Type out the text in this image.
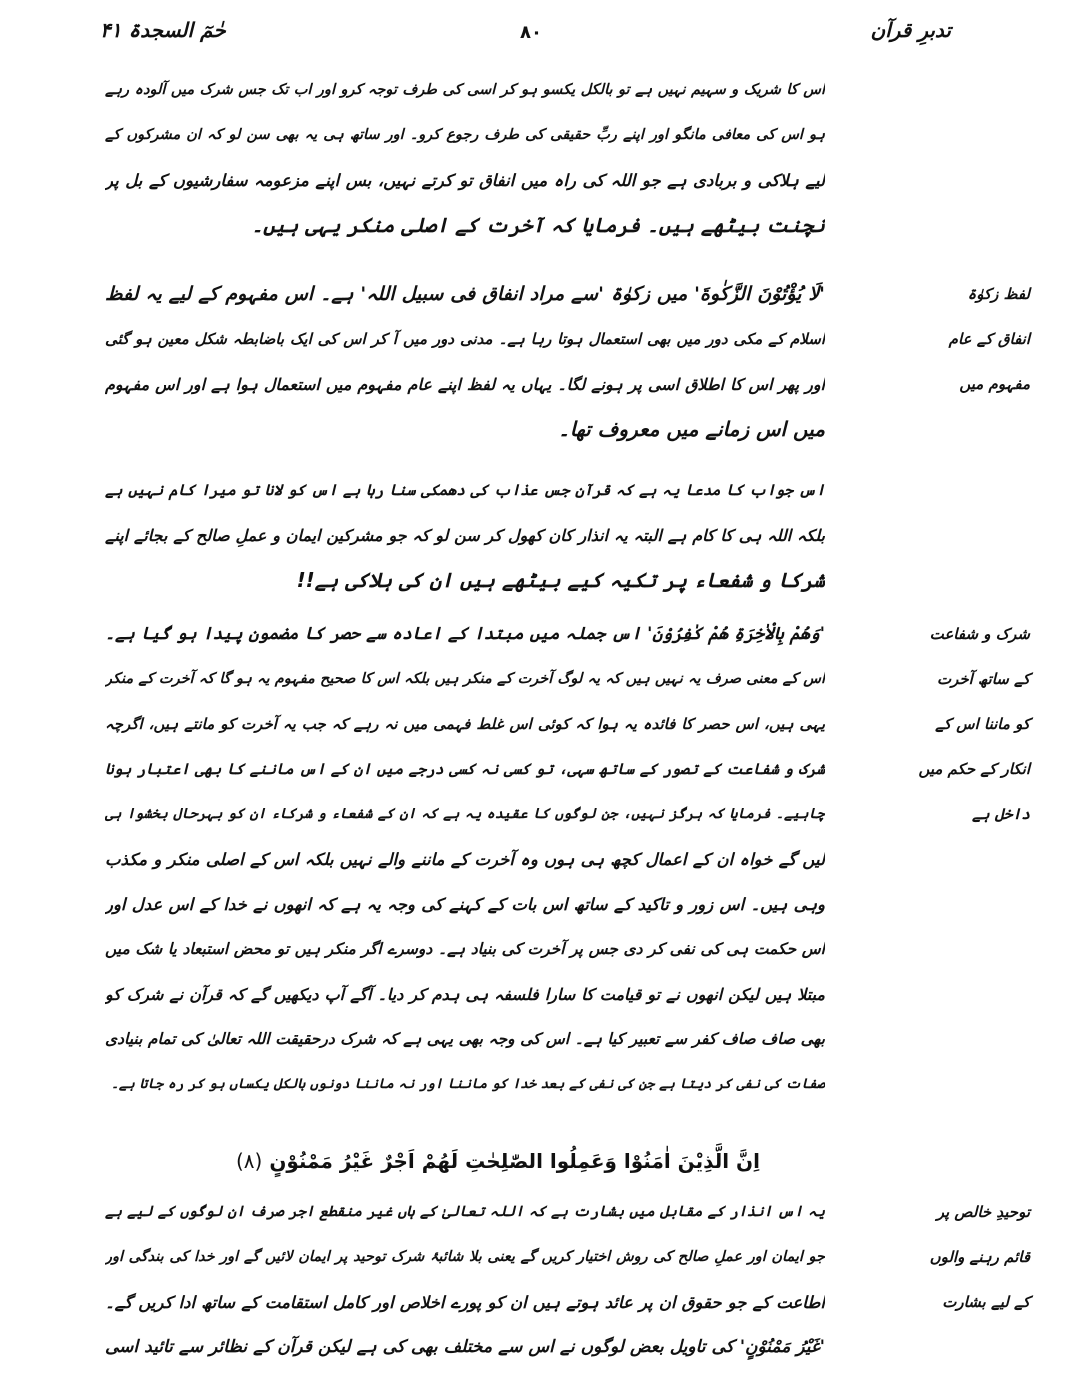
تدبرِ قرآن
۸۰
حٰمٓ السجدۃ ۴۱
اس کا شریک و سہیم نہیں ہے تو بالکل یکسو ہو کر اسی کی طرف توجہ کرو اور اب تک جس شرک میں آلودہ رہے
ہو اس کی معافی مانگو اور اپنے ربِّ حقیقی کی طرف رجوع کرو۔ اور ساتھ ہی یہ بھی سن لو کہ ان مشرکوں کے
لیے ہلاکی و بربادی ہے جو اللہ کی راہ میں انفاق تو کرتے نہیں، بس اپنے مزعومہ سفارشیوں کے بل پر
نچنت بیٹھے ہیں۔ فرمایا کہ آخرت کے اصلی منکر یہی ہیں۔
لفظ زکوٰۃ
انفاق کے عام
مفہوم میں
'لَا يُؤْتُوْنَ الزَّكٰوةَ' میں زکوٰۃ 'سے مراد انفاق فی سبیل اللہ' ہے۔ اس مفہوم کے لیے یہ لفظ
اسلام کے مکی دور میں بھی استعمال ہوتا رہا ہے۔ مدنی دور میں آ کر اس کی ایک باضابطہ شکل معین ہو گئی
اور پھر اس کا اطلاق اسی پر ہونے لگا۔ یہاں یہ لفظ اپنے عام مفہوم میں استعمال ہوا ہے اور اس مفہوم
میں اس زمانے میں معروف تھا۔
اس جواب کا مدعا یہ ہے کہ قرآن جس عذاب کی دھمکی سنا رہا ہے اس کو لانا تو میرا کام نہیں ہے
بلکہ اللہ ہی کا کام ہے البتہ یہ انذار کان کھول کر سن لو کہ جو مشرکین ایمان و عملِ صالح کے بجائے اپنے
شرکا و شفعاء پر تکیہ کیے بیٹھے ہیں ان کی ہلاکی ہے!!
شرک و شفاعت
کے ساتھ آخرت
کو ماننا اس کے
انکار کے حکم میں
داخل ہے
'وَهُمْ بِالْاٰخِرَةِ هُمْ كٰفِرُوْنَ' اس جملہ میں مبتدا کے اعادہ سے حصر کا مضمون پیدا ہو گیا ہے۔
اس کے معنی صرف یہ نہیں ہیں کہ یہ لوگ آخرت کے منکر ہیں بلکہ اس کا صحیح مفہوم یہ ہو گا کہ آخرت کے منکر
یہی ہیں، اس حصر کا فائدہ یہ ہوا کہ کوئی اس غلط فہمی میں نہ رہے کہ جب یہ آخرت کو مانتے ہیں، اگرچہ
شرک و شفاعت کے تصور کے ساتھ سہی، تو کسی نہ کسی درجے میں ان کے اس ماننے کا بھی اعتبار ہونا
چاہیے۔ فرمایا کہ ہرگز نہیں، جن لوگوں کا عقیدہ یہ ہے کہ ان کے شفعاء و شرکاء ان کو بہرحال بخشوا ہی
لیں گے خواہ ان کے اعمال کچھ ہی ہوں وہ آخرت کے ماننے والے نہیں بلکہ اس کے اصلی منکر و مکذب
وہی ہیں۔ اس زور و تاکید کے ساتھ اس بات کے کہنے کی وجہ یہ ہے کہ انھوں نے خدا کے اس عدل اور
اس حکمت ہی کی نفی کر دی جس پر آخرت کی بنیاد ہے۔ دوسرے اگر منکر ہیں تو محض استبعاد یا شک میں
مبتلا ہیں لیکن انھوں نے تو قیامت کا سارا فلسفہ ہی ہدم کر دیا۔ آگے آپ دیکھیں گے کہ قرآن نے شرک کو
بھی صاف صاف کفر سے تعبیر کیا ہے۔ اس کی وجہ بھی یہی ہے کہ شرک درحقیقت اللہ تعالیٰ کی تمام بنیادی
صفات کی نفی کر دیتا ہے جن کی نفی کے بعد خدا کو ماننا اور نہ ماننا دونوں بالکل یکساں ہو کر رہ جاتا ہے۔
اِنَّ الَّذِيْنَ اٰمَنُوْا وَعَمِلُوا الصّٰلِحٰتِ لَهُمْ اَجْرٌ غَيْرُ مَمْنُوْنٍ (۸)
توحیدِ خالص پر
قائم رہنے والوں
کے لیے بشارت
یہ اس انذار کے مقابل میں بشارت ہے کہ اللہ تعالیٰ کے ہاں غیر منقطع اجر صرف ان لوگوں کے لیے ہے
جو ایمان اور عملِ صالح کی روش اختیار کریں گے یعنی بلا شائبۂ شرک توحید پر ایمان لائیں گے اور خدا کی بندگی اور
اطاعت کے جو حقوق ان پر عائد ہوتے ہیں ان کو پورے اخلاص اور کامل استقامت کے ساتھ ادا کریں گے۔
'غَيْرُ مَمْنُوْنٍ' کی تاویل بعض لوگوں نے اس سے مختلف بھی کی ہے لیکن قرآن کے نظائر سے تائید اسی
